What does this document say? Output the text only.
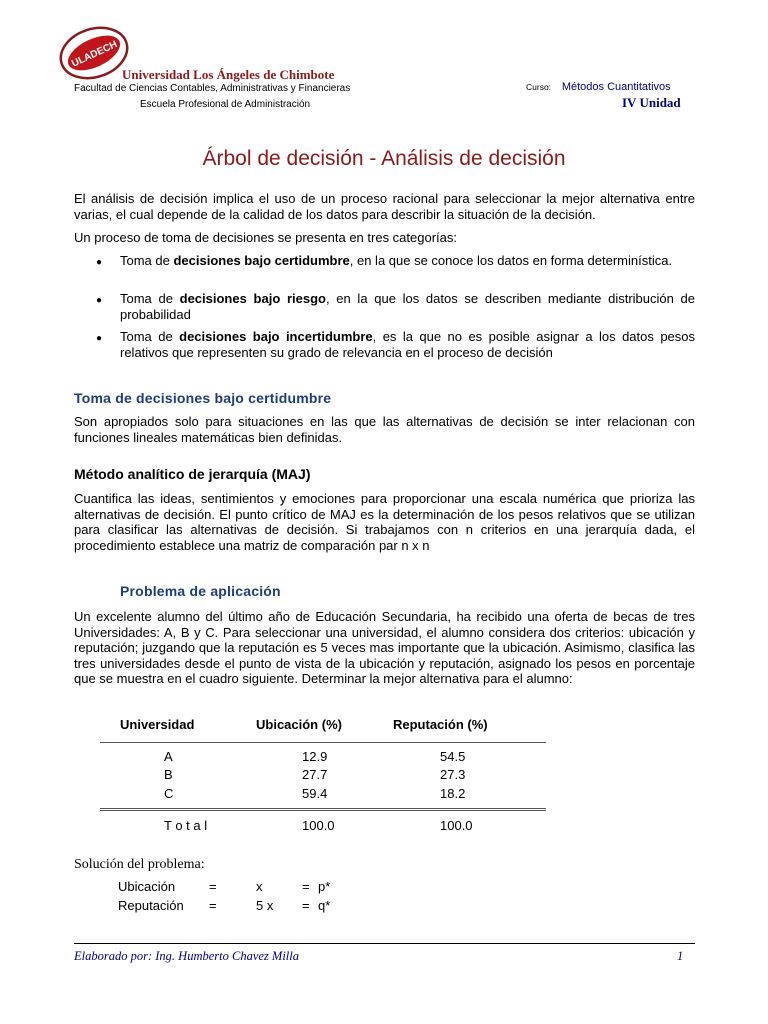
ULADECH
Universidad Los Ángeles de Chimbote
Facultad de Ciencias Contables, Administrativas y Financieras
Escuela Profesional de Administración
Curso: Métodos Cuantitativos
IV Unidad
Árbol de decisión - Análisis de decisión
El análisis de decisión implica el uso de un proceso racional para seleccionar la mejor alternativa entre varias, el cual depende de la calidad de los datos para describir la situación de la decisión.
Un proceso de toma de decisiones se presenta en tres categorías:
● Toma de decisiones bajo certidumbre, en la que se conoce los datos en forma determinística.
● Toma de decisiones bajo riesgo, en la que los datos se describen mediante distribución de probabilidad
● Toma de decisiones bajo incertidumbre, es la que no es posible asignar a los datos pesos relativos que representen su grado de relevancia en el proceso de decisión
Toma de decisiones bajo certidumbre
Son apropiados solo para situaciones en las que las alternativas de decisión se inter relacionan con funciones lineales matemáticas bien definidas.
Método analítico de jerarquía (MAJ)
Cuantifica las ideas, sentimientos y emociones para proporcionar una escala numérica que prioriza las alternativas de decisión. El punto crítico de MAJ es la determinación de los pesos relativos que se utilizan para clasificar las alternativas de decisión. Si trabajamos con n criterios en una jerarquía dada, el procedimiento establece una matriz de comparación par n x n
Problema de aplicación
Un excelente alumno del último año de Educación Secundaria, ha recibido una oferta de becas de tres Universidades: A, B y C. Para seleccionar una universidad, el alumno considera dos criterios: ubicación y reputación; juzgando que la reputación es 5 veces mas importante que la ubicación. Asimismo, clasifica las tres universidades desde el punto de vista de la ubicación y reputación, asignado los pesos en porcentaje que se muestra en el cuadro siguiente. Determinar la mejor alternativa para el alumno:
Universidad	Ubicación (%)	Reputación (%)
A	12.9	54.5
B	27.7	27.3
C	59.4	18.2
T o t a l	100.0	100.0
Solución del problema:
Ubicación	=	x	= p*
Reputación =	5 x = q*
Elaborado por: Ing. Humberto Chavez Milla	1
